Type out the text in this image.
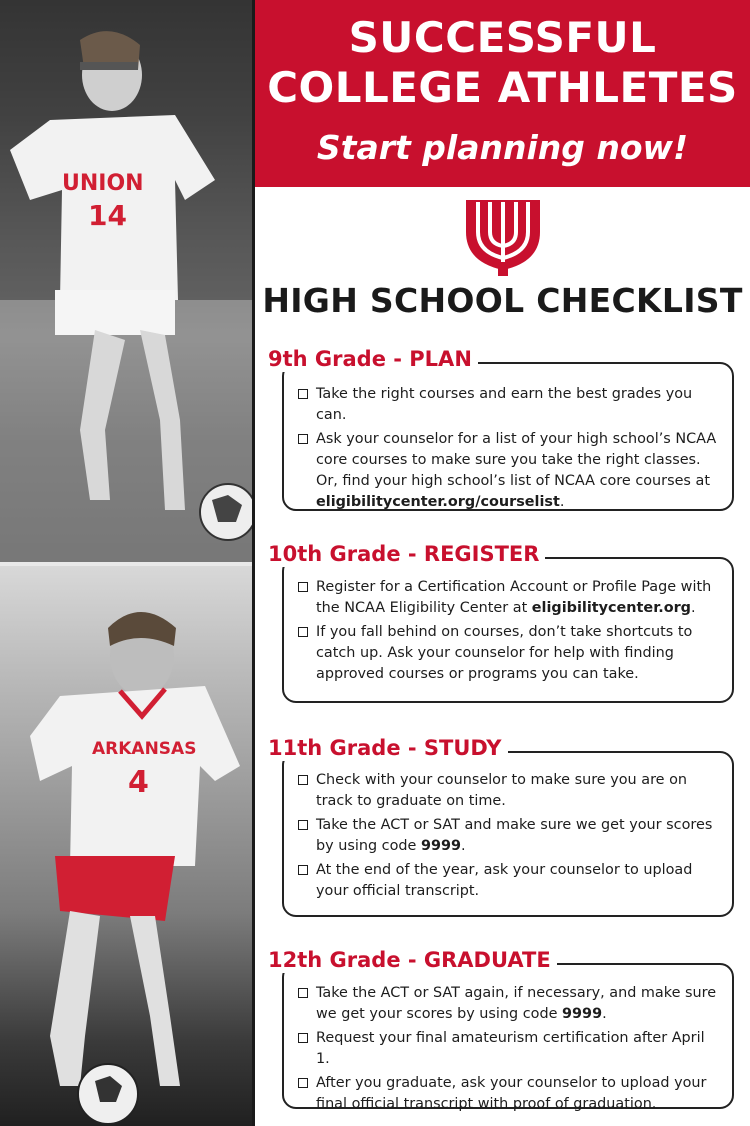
UNION
14
ARKANSAS
4
SUCCESSFUL
COLLEGE ATHLETES
Start planning now!
HIGH SCHOOL CHECKLIST
9th Grade - PLAN
Take the right courses and earn the best grades you can.
Ask your counselor for a list of your high school’s NCAA core courses to make sure you take the right classes. Or, find your high school’s list of NCAA core courses at eligibilitycenter.org/courselist.
10th Grade - REGISTER
Register for a Certification Account or Profile Page with the NCAA Eligibility Center at eligibilitycenter.org.
If you fall behind on courses, don’t take shortcuts to catch up. Ask your counselor for help with finding approved courses or programs you can take.
11th Grade - STUDY
Check with your counselor to make sure you are on track to graduate on time.
Take the ACT or SAT and make sure we get your scores by using code 9999.
At the end of the year, ask your counselor to upload your official transcript.
12th Grade - GRADUATE
Take the ACT or SAT again, if necessary, and make sure we get your scores by using code 9999.
Request your final amateurism certification after April 1.
After you graduate, ask your counselor to upload your final official transcript with proof of graduation.
